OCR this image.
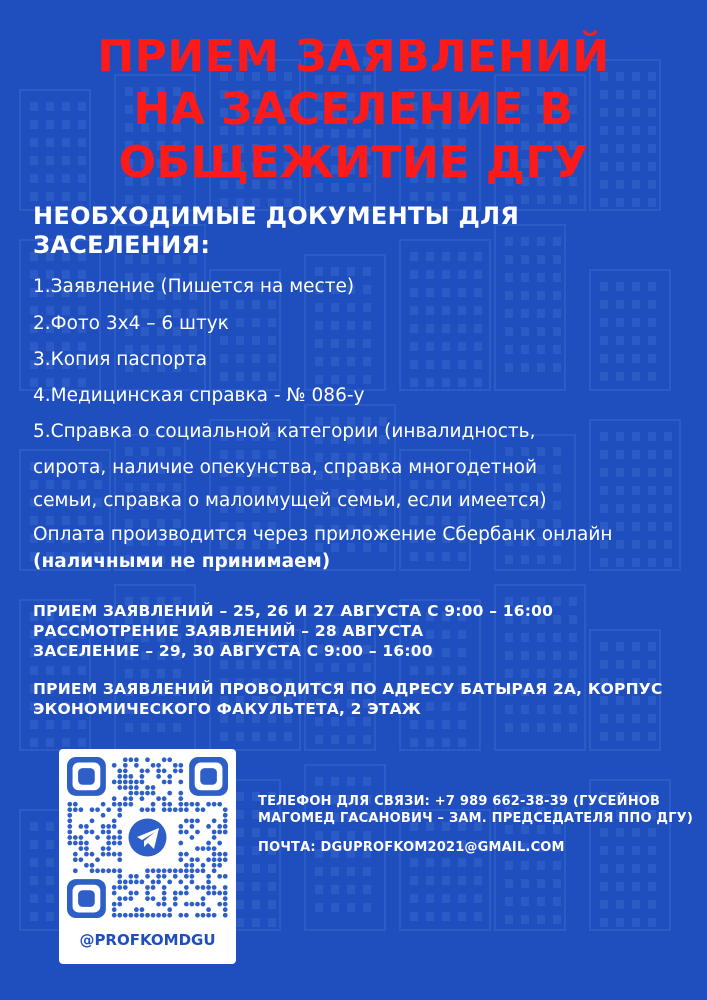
ПРИЕМ ЗАЯВЛЕНИЙ
НА ЗАСЕЛЕНИЕ В
ОБЩЕЖИТИЕ ДГУ
НЕОБХОДИМЫЕ ДОКУМЕНТЫ ДЛЯ ЗАСЕЛЕНИЯ:
1.Заявление (Пишется на месте)
2.Фото 3х4 – 6 штук
3.Копия паспорта
4.Медицинская справка - № 086-у
5.Справка о социальной категории (инвалидность,
сирота, наличие опекунства, справка многодетной
семьи, справка о малоимущей семьи, если имеется)
Оплата производится через приложение Сбербанк онлайн (наличными не принимаем)
ПРИЕМ ЗАЯВЛЕНИЙ – 25, 26 И 27 АВГУСТА С 9:00 – 16:00
РАССМОТРЕНИЕ ЗАЯВЛЕНИЙ – 28 АВГУСТА
ЗАСЕЛЕНИЕ – 29, 30 АВГУСТА С 9:00 – 16:00
ПРИЕМ ЗАЯВЛЕНИЙ ПРОВОДИТСЯ ПО АДРЕСУ БАТЫРАЯ 2А, КОРПУС ЭКОНОМИЧЕСКОГО ФАКУЛЬТЕТА, 2 ЭТАЖ
@PROFKOMDGU
ТЕЛЕФОН ДЛЯ СВЯЗИ: +7 989 662-38-39 (ГУСЕЙНОВ МАГОМЕД ГАСАНОВИЧ – ЗАМ. ПРЕДСЕДАТЕЛЯ ППО ДГУ)
ПОЧТА: DGUPROFKOM2021@GMAIL.COM
